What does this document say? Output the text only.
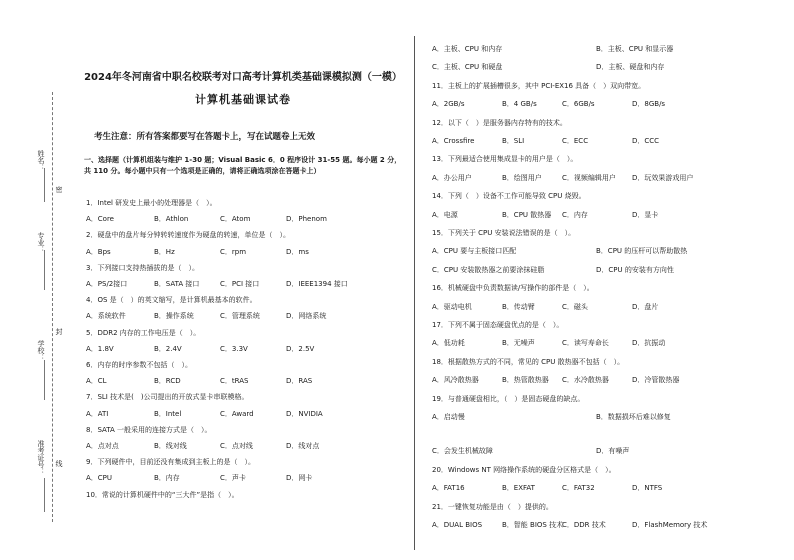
姓名：
专业：
学校：
准考证号：
密
封
线
2024年冬河南省中职名校联考对口高考计算机类基础课模拟测（一模）
计算机基础课试卷
考生注意：所有答案都要写在答题卡上，写在试题卷上无效
一、选择题（计算机组装与维护 1-30 题；Visual Basic 6．0 程序设计 31-55 题。每小题 2 分，共 110 分。每小题中只有一个选项是正确的，请将正确选项涂在答题卡上）
1．Intel 研发史上最小的处理器是（　）。
A．Core	B．Athlon	C．Atom	D．Phenom
2．硬盘中的盘片每分钟转转速度作为硬盘的转速，单位是（　）。
A．Bps	B．Hz	C．rpm	D．ms
3．下列接口支持热插拔的是（　）。
A．PS/2接口	B．SATA 接口	C．PCI 接口	D．IEEE1394 接口
4．OS 是（　）的英文缩写，是计算机最基本的软件。
A．系统软件	B．操作系统	C．管理系统	D．网络系统
5．DDR2 内存的工作电压是（　）。
A．1.8V	B．2.4V	C．3.3V	D．2.5V
6．内存的时序参数不包括（　）。
A．CL	B．RCD	C．tRAS	D．RAS
7．SLI 技术是(　)公司提出的开放式显卡串联模格。
A．ATI	B．Intel	C．Award	D．NVIDIA
8．SATA 一般采用的连接方式是（　）。
A．点对点	B．线对线	C．点对线	D．线对点
9．下列硬件中，目前还没有集成到主板上的是（　）。
A．CPU	B．内存	C．声卡	D．网卡
10．常说的计算机硬件中的“三大件”是指（　）。
A．主板、CPU 和内存	B．主板、CPU 和显示器
C．主板、CPU 和硬盘	D．主板、硬盘和内存
11．主板上的扩展插槽很多，其中 PCI-EX16 具备（　）双向带宽。
A．2GB/s	B．4 GB/s	C．6GB/s	D．8GB/s
12．以下（　）是服务器内存特有的技术。
A．Crossfire	B．SLI	C．ECC	D．CCC
13．下列最适合使用集成显卡的用户是（　）。
A．办公用户	B．绘图用户	C．视频编辑用户 D．玩效果游戏用户
14．下列（　）设备不工作可能导致 CPU 烧毁。
A．电源	B．CPU 散热器 C．内存	D．显卡
15．下列关于 CPU 安装说法错误的是（　）。
A．CPU 要与主板接口匹配	B．CPU 的压杆可以帮助散热
C．CPU 安装散热器之前要涂抹硅脂	D．CPU 的安装有方向性
16．机械硬盘中负责数据读/写操作的部件是（　）。
A．驱动电机	B．传动臂	C．磁头	D．盘片
17．下列不属于固态硬盘优点的是（　）。
A．低功耗	B．无噪声	C．读写寿命长	D．抗振动
18．根据散热方式的不同，常见的 CPU 散热器不包括（　）。
A．风冷散热器	B．热管散热器 C．水冷散热器	D．冷管散热器
19．与普通硬盘相比，（　）是固态硬盘的缺点。
A．启动慢	B．数据损坏后难以修复
C．会发生机械故障	D．有噪声
20．Windows NT 网络操作系统的硬盘分区格式是（　）。
A．FAT16	B．EXFAT	C．FAT32	D．NTFS
21．一键恢复功能是由（　）提供的。
A．DUAL BIOS	B．智能 BIOS 技术
C．DDR 技术	D．FlashMemory 技术
